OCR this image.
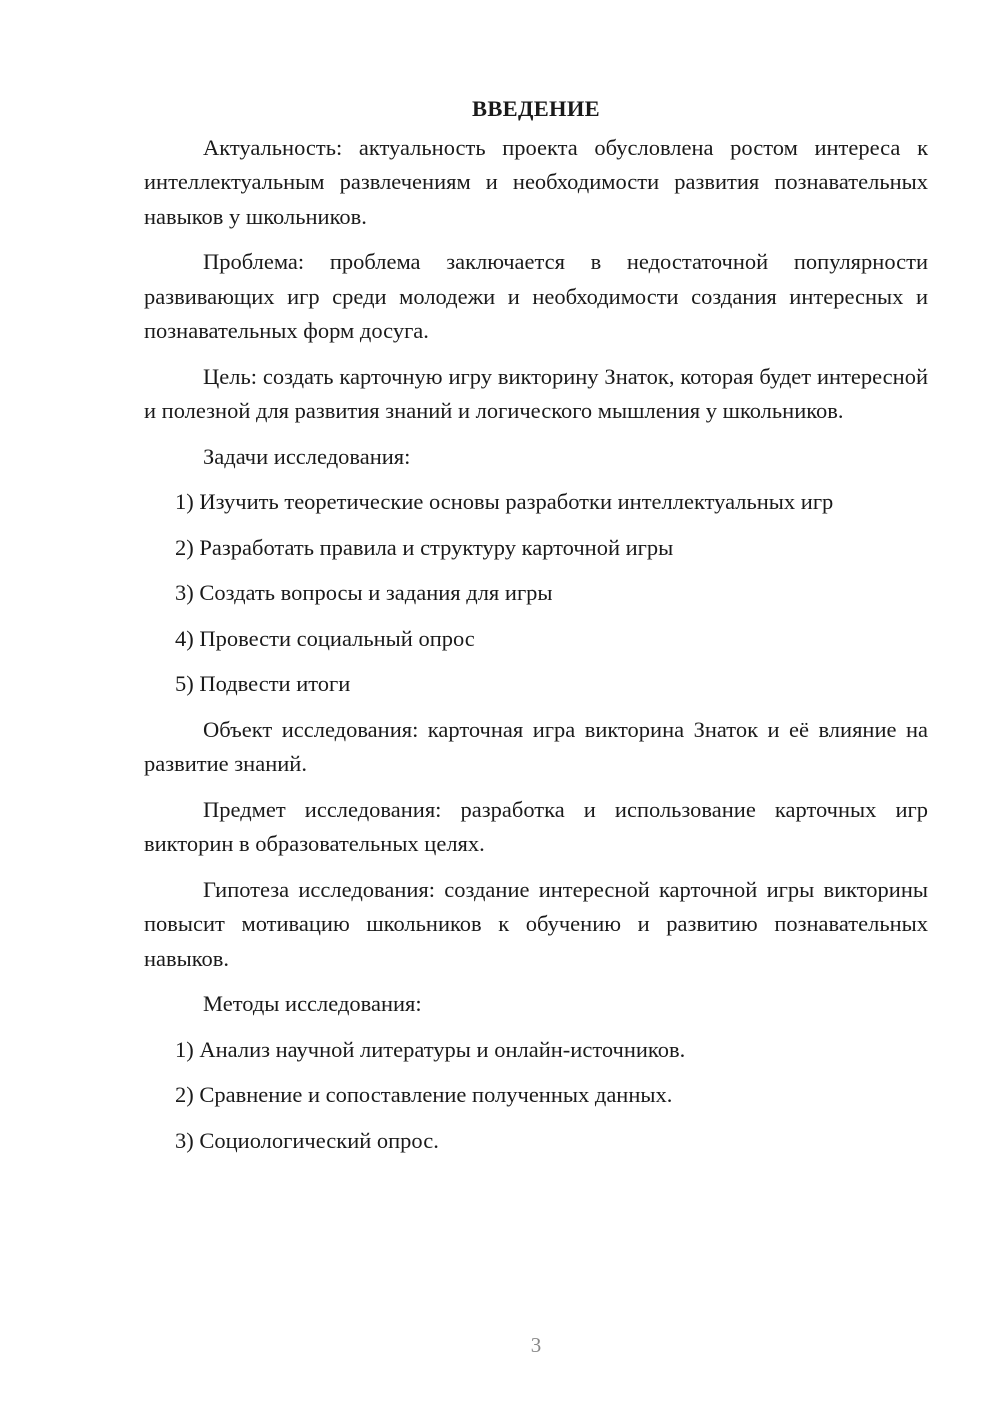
ВВЕДЕНИЕ

Актуальность: актуальность проекта обусловлена ростом интереса к интеллектуальным развлечениям и необходимости развития познавательных навыков у школьников.

Проблема: проблема заключается в недостаточной популярности развивающих игр среди молодежи и необходимости создания интересных и познавательных форм досуга.

Цель: создать карточную игру викторину Знаток, которая будет интересной и полезной для развития знаний и логического мышления у школьников.

Задачи исследования:

1) Изучить теоретические основы разработки интеллектуальных игр
2) Разработать правила и структуру карточной игры
3) Создать вопросы и задания для игры
4) Провести социальный опрос
5) Подвести итоги

Объект исследования: карточная игра викторина Знаток и её влияние на развитие знаний.

Предмет исследования: разработка и использование карточных игр викторин в образовательных целях.

Гипотеза исследования: создание интересной карточной игры викторины повысит мотивацию школьников к обучению и развитию познавательных навыков.

Методы исследования:

1) Анализ научной литературы и онлайн-источников.
2) Сравнение и сопоставление полученных данных.
3) Социологический опрос.
3
